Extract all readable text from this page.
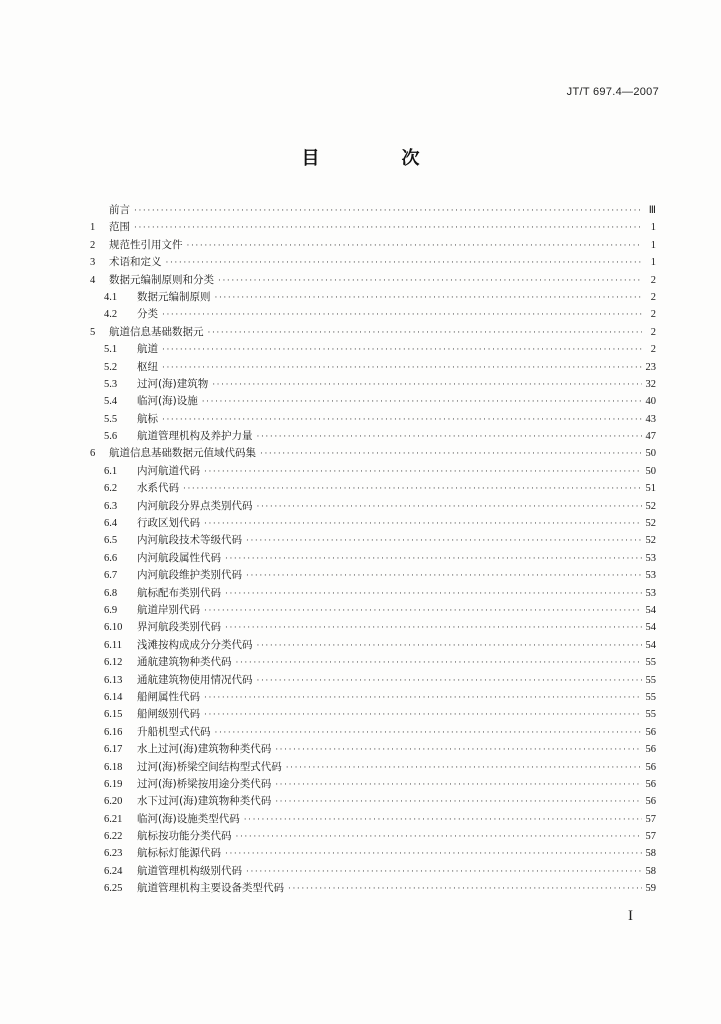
JT/T 697.4—2007
目　次
前言 ·····	Ⅲ
1	范围 ·····	1
2	规范性引用文件 ·····	1
3	术语和定义 ·····	1
4	数据元编制原则和分类 ·····	2
4.1	数据元编制原则 ·····	2
4.2	分类 ·····	2
5	航道信息基础数据元 ·····	2
5.1	航道 ·····	2
5.2	枢纽 ·····	23
5.3	过河(海)建筑物 ·····	32
5.4	临河(海)设施 ·····	40
5.5	航标 ·····	43
5.6	航道管理机构及养护力量 ·····	47
6	航道信息基础数据元值域代码集 ·····	50
6.1	内河航道代码 ·····	50
6.2	水系代码 ·····	51
6.3	内河航段分界点类别代码 ·····	52
6.4	行政区划代码 ·····	52
6.5	内河航段技术等级代码 ·····	52
6.6	内河航段属性代码 ·····	53
6.7	内河航段维护类别代码 ·····	53
6.8	航标配布类别代码 ·····	53
6.9	航道岸别代码 ·····	54
6.10	界河航段类别代码 ·····	54
6.11	浅滩按构成成分分类代码 ·····	54
6.12	通航建筑物种类代码 ·····	55
6.13	通航建筑物使用情况代码 ·····	55
6.14	船闸属性代码 ·····	55
6.15	船闸级别代码 ·····	55
6.16	升船机型式代码 ·····	56
6.17	水上过河(海)建筑物种类代码 ·····	56
6.18	过河(海)桥梁空间结构型式代码 ·····	56
6.19	过河(海)桥梁按用途分类代码 ·····	56
6.20	水下过河(海)建筑物种类代码 ·····	56
6.21	临河(海)设施类型代码 ·····	57
6.22	航标按功能分类代码 ·····	57
6.23	航标标灯能源代码 ·····	58
6.24	航道管理机构级别代码 ·····	58
6.25	航道管理机构主要设备类型代码 ·····	59
I
